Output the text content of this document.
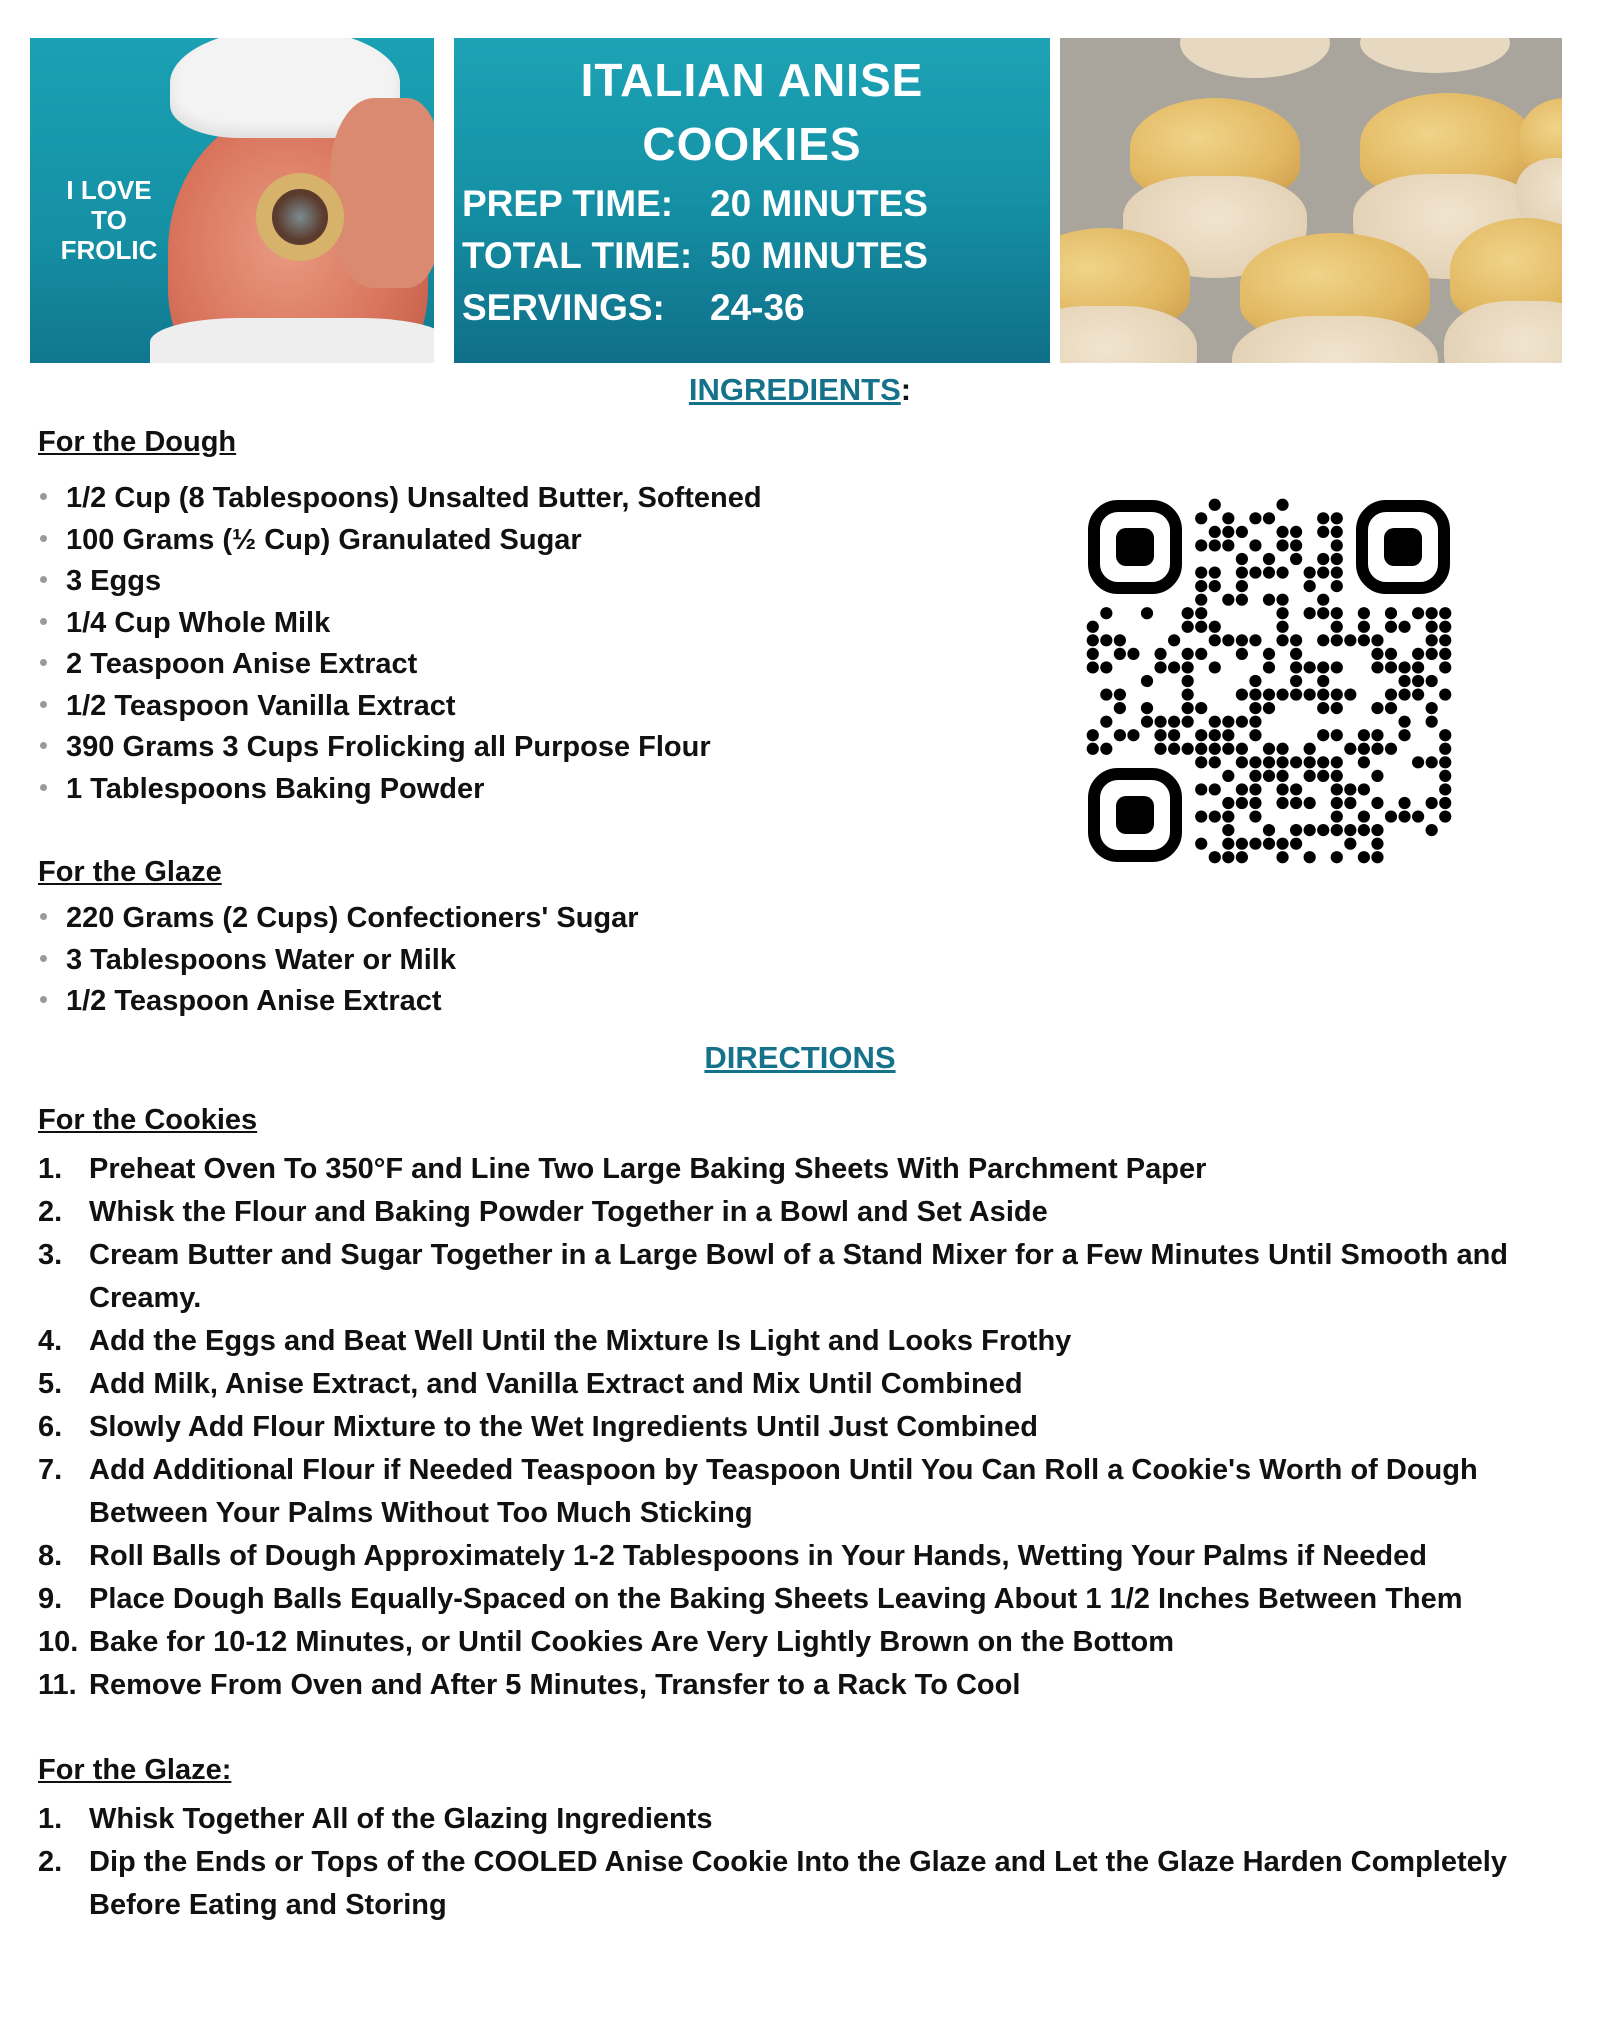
I LOVE
TO
FROLIC
ITALIAN ANISE
COOKIES
PREP TIME: 20 MINUTES
TOTAL TIME: 50 MINUTES
SERVINGS:	24-36
INGREDIENTS:
For the Dough
1/2 Cup (8 Tablespoons) Unsalted Butter, Softened
100 Grams (½ Cup) Granulated Sugar
3 Eggs
1/4 Cup Whole Milk
2 Teaspoon Anise Extract
1/2 Teaspoon Vanilla Extract
390 Grams 3 Cups Frolicking all Purpose Flour
1 Tablespoons Baking Powder
For the Glaze
220 Grams (2 Cups) Confectioners' Sugar
3 Tablespoons Water or Milk
1/2 Teaspoon Anise Extract
DIRECTIONS
For the Cookies
1. Preheat Oven To 350°F and Line Two Large Baking Sheets With Parchment Paper
2. Whisk the Flour and Baking Powder Together in a Bowl and Set Aside
3. Cream Butter and Sugar Together in a Large Bowl of a Stand Mixer for a Few Minutes Until Smooth and Creamy.
4. Add the Eggs and Beat Well Until the Mixture Is Light and Looks Frothy
5. Add Milk, Anise Extract, and Vanilla Extract and Mix Until Combined
6. Slowly Add Flour Mixture to the Wet Ingredients Until Just Combined
7. Add Additional Flour if Needed Teaspoon by Teaspoon Until You Can Roll a Cookie's Worth of Dough Between Your Palms Without Too Much Sticking
8. Roll Balls of Dough Approximately 1-2 Tablespoons in Your Hands, Wetting Your Palms if Needed
9. Place Dough Balls Equally-Spaced on the Baking Sheets Leaving About 1 1/2 Inches Between Them
10. Bake for 10-12 Minutes, or Until Cookies Are Very Lightly Brown on the Bottom
11. Remove From Oven and After 5 Minutes, Transfer to a Rack To Cool
For the Glaze:
1. Whisk Together All of the Glazing Ingredients
2. Dip the Ends or Tops of the COOLED Anise Cookie Into the Glaze and Let the Glaze Harden Completely Before Eating and Storing
